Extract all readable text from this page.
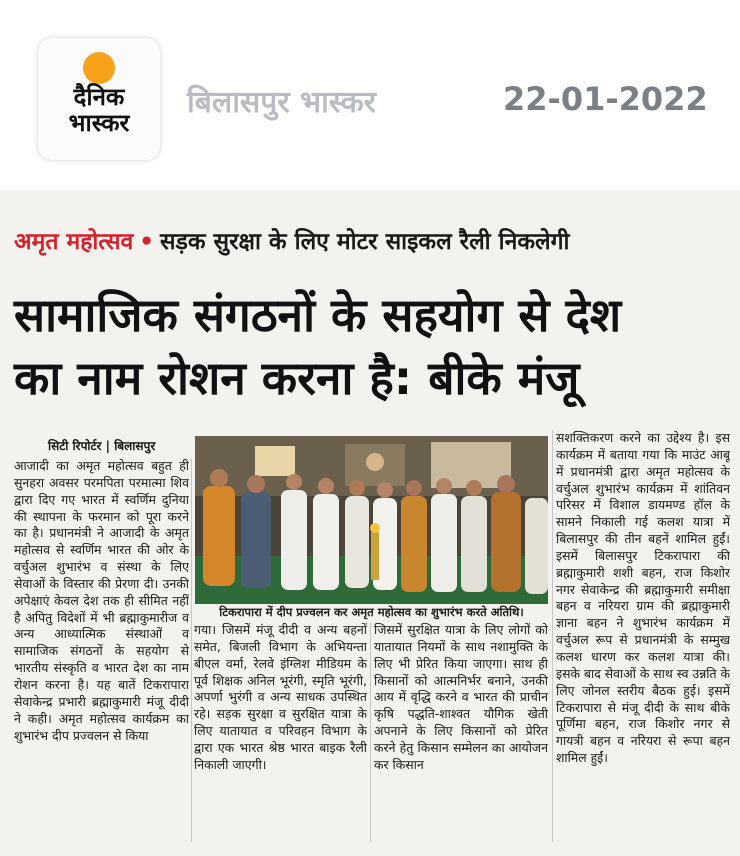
दैनिक
भास्कर
बिलासपुर भास्कर	22-01-2022
अमृत महोत्सव • सड़क सुरक्षा के लिए मोटर साइकल रैली निकलेगी
सामाजिक संगठनों के सहयोग से देश
का नाम रोशन करना है: बीके मंजू
सिटी रिपोर्टर | बिलासपुर
आजादी का अमृत महोत्सव बहुत ही सुनहरा अवसर परमपिता परमात्मा शिव द्वारा दिए गए भारत में स्वर्णिम दुनिया की स्थापना के फरमान को पूरा करने का है। प्रधानमंत्री ने आजादी के अमृत महोत्सव से स्वर्णिम भारत की ओर के वर्चुअल शुभारंभ व संस्था के लिए सेवाओं के विस्तार की प्रेरणा दी। उनकी अपेक्षाएं केवल देश तक ही सीमित नहीं है अपितु विदेशों में भी ब्रह्माकुमारीज व अन्य आध्यात्मिक संस्थाओं व सामाजिक संगठनों के सहयोग से भारतीय संस्कृति व भारत देश का नाम रोशन करना है। यह बातें टिकरापारा सेवाकेन्द्र प्रभारी ब्रह्माकुमारी मंजू दीदी ने कही। अमृत महोत्सव कार्यक्रम का शुभारंभ दीप प्रज्वलन से किया
टिकरापारा में दीप प्रज्वलन कर अमृत महोत्सव का शुभारंभ करते अतिथि।
गया। जिसमें मंजू दीदी व अन्य बहनों समेत, बिजली विभाग के अभियन्ता बीएल वर्मा, रेलवे इंग्लिश मीडियम के पूर्व शिक्षक अनिल भूरंगी, स्मृति भूरंगी, अपर्णा भुरंगी व अन्य साधक उपस्थित रहे। सड़क सुरक्षा व सुरक्षित यात्रा के लिए यातायात व परिवहन विभाग के द्वारा एक भारत श्रेष्ठ भारत बाइक रैली निकाली जाएगी।
जिसमें सुरक्षित यात्रा के लिए लोगों को यातायात नियमों के साथ नशामुक्ति के लिए भी प्रेरित किया जाएगा। साथ ही किसानों को आत्मनिर्भर बनाने, उनकी आय में वृद्धि करने व भारत की प्राचीन कृषि पद्धति-शाश्वत यौगिक खेती अपनाने के लिए किसानों को प्रेरित करने हेतु किसान सम्मेलन का आयोजन कर किसान
सशक्तिकरण करने का उद्देश्य है। इस कार्यक्रम में बताया गया कि माउंट आबू में प्रधानमंत्री द्वारा अमृत महोत्सव के वर्चुअल शुभारंभ कार्यक्रम में शांतिवन परिसर में विशाल डायमण्ड हॉल के सामने निकाली गई कलश यात्रा में बिलासपुर की तीन बहनें शामिल हुईं। इसमें बिलासपुर टिकरापारा की ब्रह्माकुमारी शशी बहन, राज किशोर नगर सेवाकेन्द्र की ब्रह्माकुमारी समीक्षा बहन व नरियरा ग्राम की ब्रह्माकुमारी ज्ञाना बहन ने शुभारंभ कार्यक्रम में वर्चुअल रूप से प्रधानमंत्री के सम्मुख कलश धारण कर कलश यात्रा की। इसके बाद सेवाओं के साथ स्व उन्नति के लिए जोनल स्तरीय बैठक हुई। इसमें टिकरापारा से मंजू दीदी के साथ बीके पूर्णिमा बहन, राज किशोर नगर से गायत्री बहन व नरियरा से रूपा बहन शामिल हुईं।
